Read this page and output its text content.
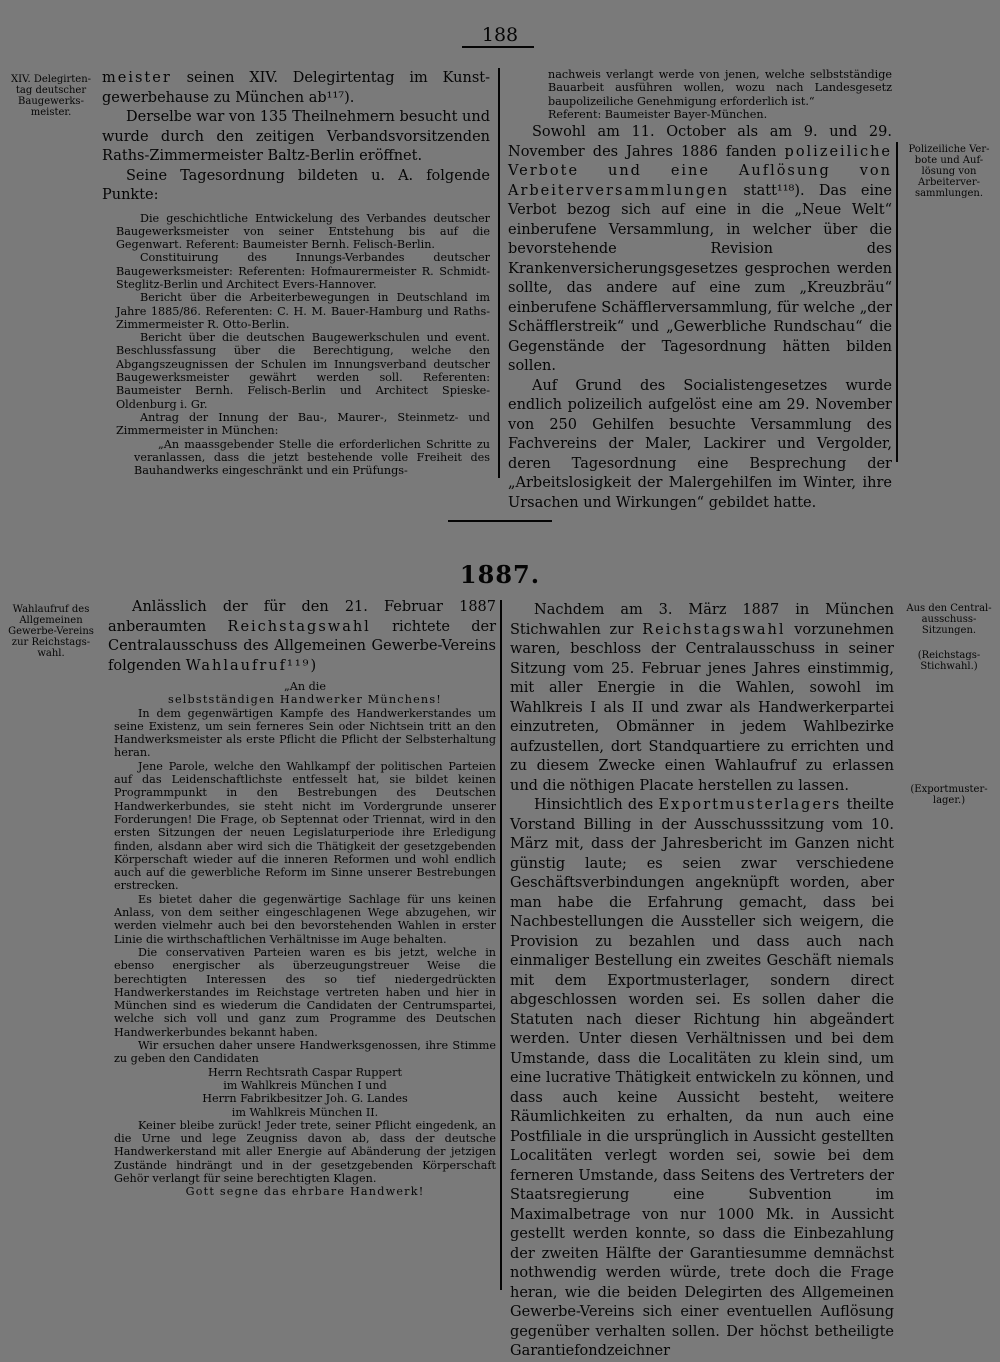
188
XIV. Delegirten-tag deutscher Baugewerks-meister.

meister seinen XIV. Delegirtentag im Kunst- gewerbehause zu München ab¹¹⁷).

Derselbe war von 135 Theilnehmern besucht und wurde durch den zeitigen Verbandsvorsitzenden Raths-Zimmermeister Baltz-Berlin eröffnet.

Seine Tagesordnung bildeten u. A. folgende Punkte:

Die geschichtliche Entwickelung des Verbandes deutscher Baugewerksmeister von seiner Entstehung bis auf die Gegenwart. Referent: Baumeister Bernh. Felisch-Berlin.

Constituirung des Innungs-Verbandes deutscher Baugewerksmeister: Referenten: Hofmaurermeister R. Schmidt-Steglitz-Berlin und Architect Evers-Hannover.

Bericht über die Arbeiterbewegungen in Deutschland im Jahre 1885/86. Referenten: C. H. M. Bauer-Hamburg und Raths-Zimmermeister R. Otto-Berlin.

Bericht über die deutschen Baugewerkschulen und event. Beschlussfassung über die Berechtigung, welche den Abgangszeugnissen der Schulen im Innungsverband deutscher Baugewerksmeister gewährt werden soll. Referenten: Baumeister Bernh. Felisch-Berlin und Architect Spieske-Oldenburg i. Gr.

Antrag der Innung der Bau-, Maurer-, Steinmetz- und Zimmermeister in München:

„An maassgebender Stelle die erforderlichen Schritte zu veranlassen, dass die jetzt bestehende volle Freiheit des Bauhandwerks eingeschränkt und ein Prüfungs-

nachweis verlangt werde von jenen, welche selbstständige Bauarbeit ausführen wollen, wozu nach Landesgesetz baupolizeiliche Genehmigung erforderlich ist.“

Referent: Baumeister Bayer-München.

Sowohl am 11. October als am 9. und 29. November des Jahres 1886 fanden polizeiliche Verbote und eine Auflösung von Arbeiterversammlungen statt¹¹⁸). Das eine Verbot bezog sich auf eine in die „Neue Welt“ einberufene Versammlung, in welcher über die bevorstehende Revision des Krankenversicherungsgesetzes gesprochen werden sollte, das andere auf eine zum „Kreuzbräu“ einberufene Schäfflerversammlung, für welche „der Schäfflerstreik“ und „Gewerbliche Rundschau“ die Gegenstände der Tagesordnung hätten bilden sollen.

Auf Grund des Socialistengesetzes wurde endlich polizeilich aufgelöst eine am 29. November von 250 Gehilfen besuchte Versammlung des Fachvereins der Maler, Lackirer und Vergolder, deren Tagesordnung eine Besprechung der „Arbeitslosigkeit der Malergehilfen im Winter, ihre Ursachen und Wirkungen“ gebildet hatte.

Polizeiliche Ver-bote und Auf-lösung von Arbeiterver-sammlungen.
1887.
Wahlaufruf des Allgemeinen Gewerbe-Vereins zur Reichstags-wahl.

Anlässlich der für den 21. Februar 1887 anberaumten Reichstagswahl richtete der Centralausschuss des Allgemeinen Gewerbe-Vereins folgenden Wahlaufruf¹¹⁹)

„An die

selbstständigen Handwerker Münchens!

In dem gegenwärtigen Kampfe des Handwerkerstandes um seine Existenz, um sein ferneres Sein oder Nichtsein tritt an den Handwerksmeister als erste Pflicht die Pflicht der Selbsterhaltung heran.

Jene Parole, welche den Wahlkampf der politischen Parteien auf das Leidenschaftlichste entfesselt hat, sie bildet keinen Programmpunkt in den Bestrebungen des Deutschen Handwerkerbundes, sie steht nicht im Vordergrunde unserer Forderungen! Die Frage, ob Septennat oder Triennat, wird in den ersten Sitzungen der neuen Legislaturperiode ihre Erledigung finden, alsdann aber wird sich die Thätigkeit der gesetzgebenden Körperschaft wieder auf die inneren Reformen und wohl endlich auch auf die gewerbliche Reform im Sinne unserer Bestrebungen erstrecken.

Es bietet daher die gegenwärtige Sachlage für uns keinen Anlass, von dem seither eingeschlagenen Wege abzugehen, wir werden vielmehr auch bei den bevorstehenden Wahlen in erster Linie die wirthschaftlichen Verhältnisse im Auge behalten.

Die conservativen Parteien waren es bis jetzt, welche in ebenso energischer als überzeugungstreuer Weise die berechtigten Interessen des so tief niedergedrückten Handwerkerstandes im Reichstage vertreten haben und hier in München sind es wiederum die Candidaten der Centrumspartei, welche sich voll und ganz zum Programme des Deutschen Handwerkerbundes bekannt haben.

Wir ersuchen daher unsere Handwerksgenossen, ihre Stimme zu geben den Candidaten

Herrn Rechtsrath Caspar Ruppert

im Wahlkreis München I und

Herrn Fabrikbesitzer Joh. G. Landes

im Wahlkreis München II.

Keiner bleibe zurück! Jeder trete, seiner Pflicht eingedenk, an die Urne und lege Zeugniss davon ab, dass der deutsche Handwerkerstand mit aller Energie auf Abänderung der jetzigen Zustände hindrängt und in der gesetzgebenden Körperschaft Gehör verlangt für seine berechtigten Klagen.

Gott segne das ehrbare Handwerk!

Nachdem am 3. März 1887 in München Stichwahlen zur Reichstagswahl vorzunehmen waren, beschloss der Centralausschuss in seiner Sitzung vom 25. Februar jenes Jahres einstimmig, mit aller Energie in die Wahlen, sowohl im Wahlkreis I als II und zwar als Handwerkerpartei einzutreten, Obmänner in jedem Wahlbezirke aufzustellen, dort Standquartiere zu errichten und zu diesem Zwecke einen Wahlaufruf zu erlassen und die nöthigen Placate herstellen zu lassen.

Hinsichtlich des Exportmusterlagers theilte Vorstand Billing in der Ausschusssitzung vom 10. März mit, dass der Jahresbericht im Ganzen nicht günstig laute; es seien zwar verschiedene Geschäftsverbindungen angeknüpft worden, aber man habe die Erfahrung gemacht, dass bei Nachbestellungen die Aussteller sich weigern, die Provision zu bezahlen und dass auch nach einmaliger Bestellung ein zweites Geschäft niemals mit dem Exportmusterlager, sondern direct abgeschlossen worden sei. Es sollen daher die Statuten nach dieser Richtung hin abgeändert werden. Unter diesen Verhältnissen und bei dem Umstande, dass die Localitäten zu klein sind, um eine lucrative Thätigkeit entwickeln zu können, und dass auch keine Aussicht besteht, weitere Räumlichkeiten zu erhalten, da nun auch eine Postfiliale in die ursprünglich in Aussicht gestellten Localitäten verlegt worden sei, sowie bei dem ferneren Umstande, dass Seitens des Vertreters der Staatsregierung eine Subvention im Maximalbetrage von nur 1000 Mk. in Aussicht gestellt werden konnte, so dass die Einbezahlung der zweiten Hälfte der Garantiesumme demnächst nothwendig werden würde, trete doch die Frage heran, wie die beiden Delegirten des Allgemeinen Gewerbe-Vereins sich einer eventuellen Auflösung gegenüber verhalten sollen. Der höchst betheiligte Garantiefondzeichner

Aus den Central-ausschuss-Sitzungen.
(Reichstags-Stichwahl.)
(Exportmuster-lager.)
